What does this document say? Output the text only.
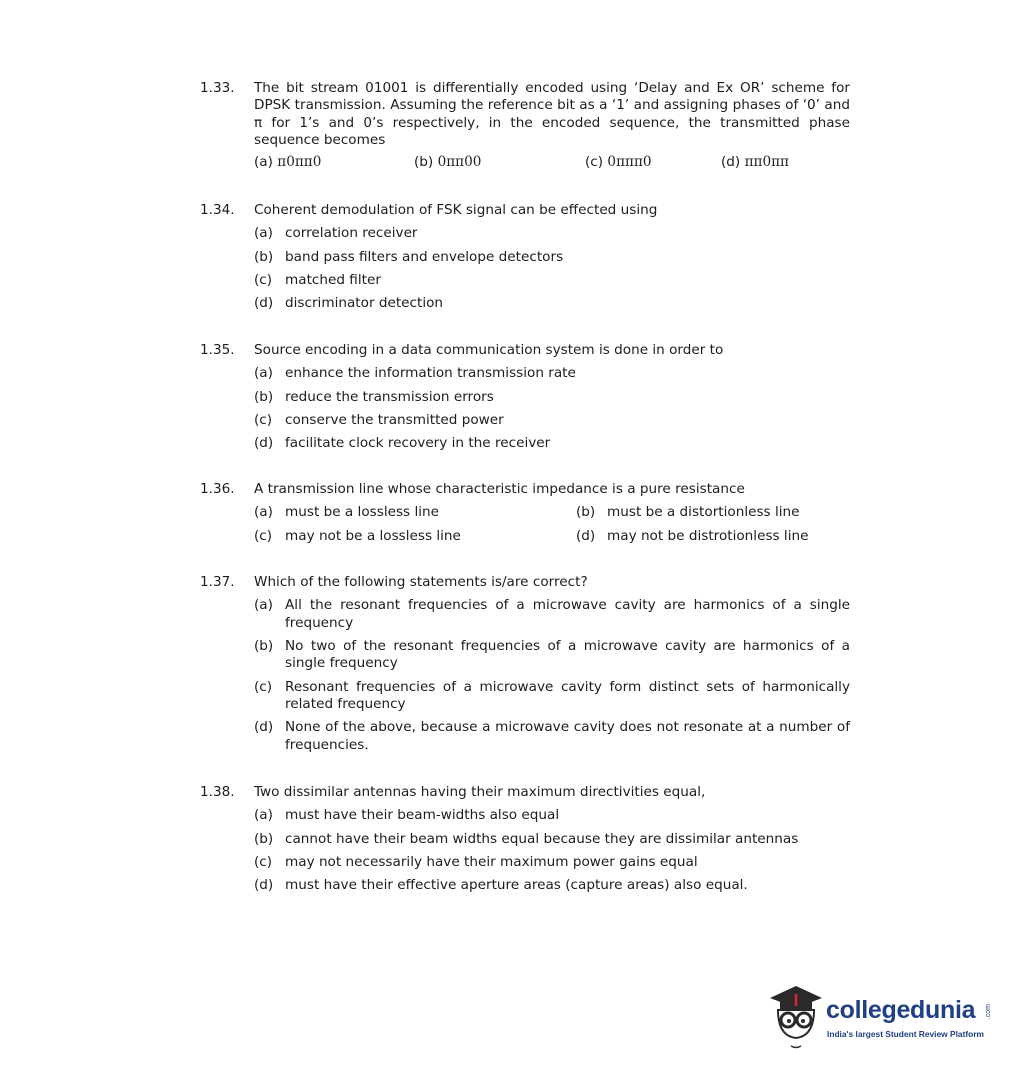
1.33.	The bit stream 01001 is differentially encoded using ‘Delay and Ex OR’ scheme for DPSK transmission. Assuming the reference bit as a ‘1’ and assigning phases of ‘0’ and π for 1’s and 0’s respectively, in the encoded sequence, the transmitted phase sequence becomes
(a) π0ππ0	(b) 0ππ00	(c) 0πππ0	(d) ππ0ππ
1.34.	Coherent demodulation of FSK signal can be effected using
(a) correlation receiver
(b) band pass filters and envelope detectors
(c) matched filter
(d) discriminator detection
1.35.	Source encoding in a data communication system is done in order to
(a) enhance the information transmission rate
(b) reduce the transmission errors
(c) conserve the transmitted power
(d) facilitate clock recovery in the receiver
1.36.	A transmission line whose characteristic impedance is a pure resistance
(a) must be a lossless line	(b) must be a distortionless line
(c) may not be a lossless line	(d) may not be distrotionless line
1.37.	Which of the following statements is/are correct?
(a) All the resonant frequencies of a microwave cavity are harmonics of a single frequency
(b) No two of the resonant frequencies of a microwave cavity are harmonics of a single frequency
(c) Resonant frequencies of a microwave cavity form distinct sets of harmonically related frequency
(d) None of the above, because a microwave cavity does not resonate at a number of frequencies.
1.38.	Two dissimilar antennas having their maximum directivities equal,
(a) must have their beam-widths also equal
(b) cannot have their beam widths equal because they are dissimilar antennas
(c) may not necessarily have their maximum power gains equal
(d) must have their effective aperture areas (capture areas) also equal.
collegedunia .com
India's largest Student Review Platform
